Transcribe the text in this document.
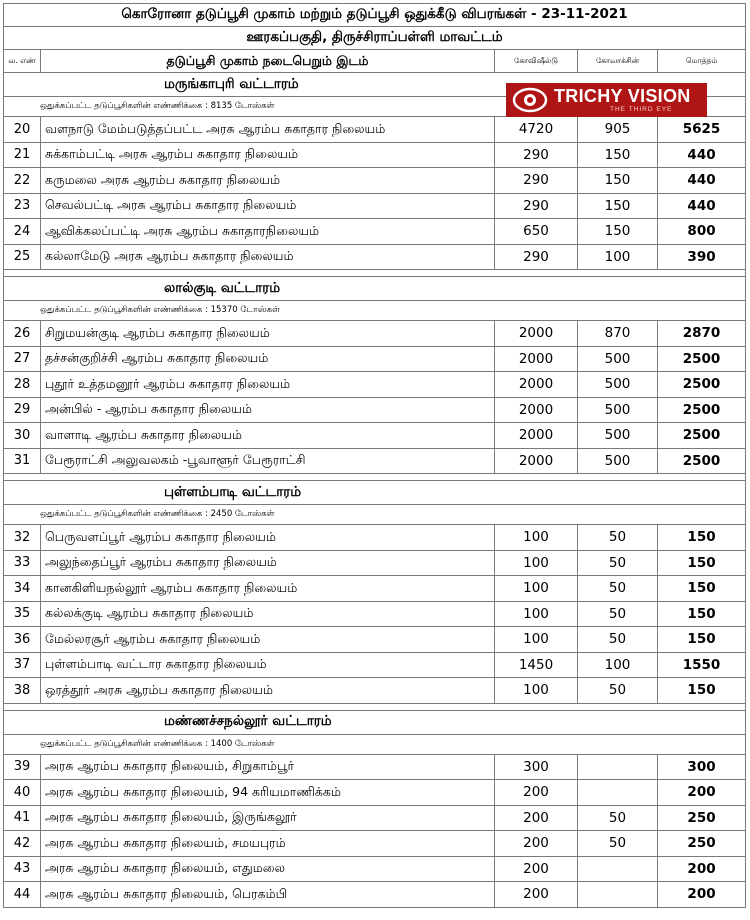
கொரோனா தடுப்பூசி முகாம் மற்றும் தடுப்பூசி ஒதுக்கீடு விபரங்கள் - 23-11-2021				
ஊரகப்பகுதி, திருச்சிராப்பள்ளி மாவட்டம்				
வ. எண்	தடுப்பூசி முகாம் நடைபெறும் இடம்	கோவிஷீல்டு	கோவாக்சின்	மொத்தம்
மருங்காபுரி வட்டாரம்				
ஒதுக்கப்பட்ட தடுப்பூசிகளின் எண்ணிக்கை : 8135 டோஸ்கள்				
20	வளநாடு மேம்படுத்தப்பட்ட அரசு ஆரம்ப சுகாதார நிலையம்	4720	905	5625
21	சுக்காம்பட்டி அரசு ஆரம்ப சுகாதார நிலையம்	290	150	440
22	கருமலை அரசு ஆரம்ப சுகாதார நிலையம்	290	150	440
23	செவல்பட்டி அரசு ஆரம்ப சுகாதார நிலையம்	290	150	440
24	ஆவிக்கலப்பட்டி அரசு ஆரம்ப சுகாதாரநிலையம்	650	150	800
25	கல்லாமேடு அரசு ஆரம்ப சுகாதார நிலையம்	290	100	390

லால்குடி வட்டாரம்				
ஒதுக்கப்பட்ட தடுப்பூசிகளின் எண்ணிக்கை : 15370 டோஸ்கள்				
26	சிறுமயன்குடி ஆரம்ப சுகாதார நிலையம்	2000	870	2870
27	தச்சன்குறிச்சி ஆரம்ப சுகாதார நிலையம்	2000	500	2500
28	புதூர் உத்தமனூர் ஆரம்ப சுகாதார நிலையம்	2000	500	2500
29	அன்பில் - ஆரம்ப சுகாதார நிலையம்	2000	500	2500
30	வாளாடி ஆரம்ப சுகாதார நிலையம்	2000	500	2500
31	பேரூராட்சி அலுவலகம் -பூவாளூர் பேரூராட்சி	2000	500	2500

புள்ளம்பாடி வட்டாரம்				
ஒதுக்கப்பட்ட தடுப்பூசிகளின் எண்ணிக்கை : 2450 டோஸ்கள்				
32	பெருவளப்பூர் ஆரம்ப சுகாதார நிலையம்	100	50	150
33	அலுந்தைப்பூர் ஆரம்ப சுகாதார நிலையம்	100	50	150
34	கானகிளியநல்லூர் ஆரம்ப சுகாதார நிலையம்	100	50	150
35	கல்லக்குடி ஆரம்ப சுகாதார நிலையம்	100	50	150
36	மேல்லரசூர் ஆரம்ப சுகாதார நிலையம்	100	50	150
37	புள்ளம்பாடி வட்டார சுகாதார நிலையம்	1450	100	1550
38	ஒரத்தூர் அரசு ஆரம்ப சுகாதார நிலையம்	100	50	150

மண்ணச்சநல்லூர் வட்டாரம்				
ஒதுக்கப்பட்ட தடுப்பூசிகளின் எண்ணிக்கை : 1400 டோஸ்கள்				
39	அரசு ஆரம்ப சுகாதார நிலையம், சிறுகாம்பூர்	300		300
40	அரசு ஆரம்ப சுகாதார நிலையம், 94 கரியமாணிக்கம்	200		200
41	அரசு ஆரம்ப சுகாதார நிலையம், இருங்கலூர்	200	50	250
42	அரசு ஆரம்ப சுகாதார நிலையம், சமயபுரம்	200	50	250
43	அரசு ஆரம்ப சுகாதார நிலையம், எதுமலை	200		200
44	அரசு ஆரம்ப சுகாதார நிலையம், பெரகம்பி	200		200
TRICHY VISION
THE THIRD EYE
